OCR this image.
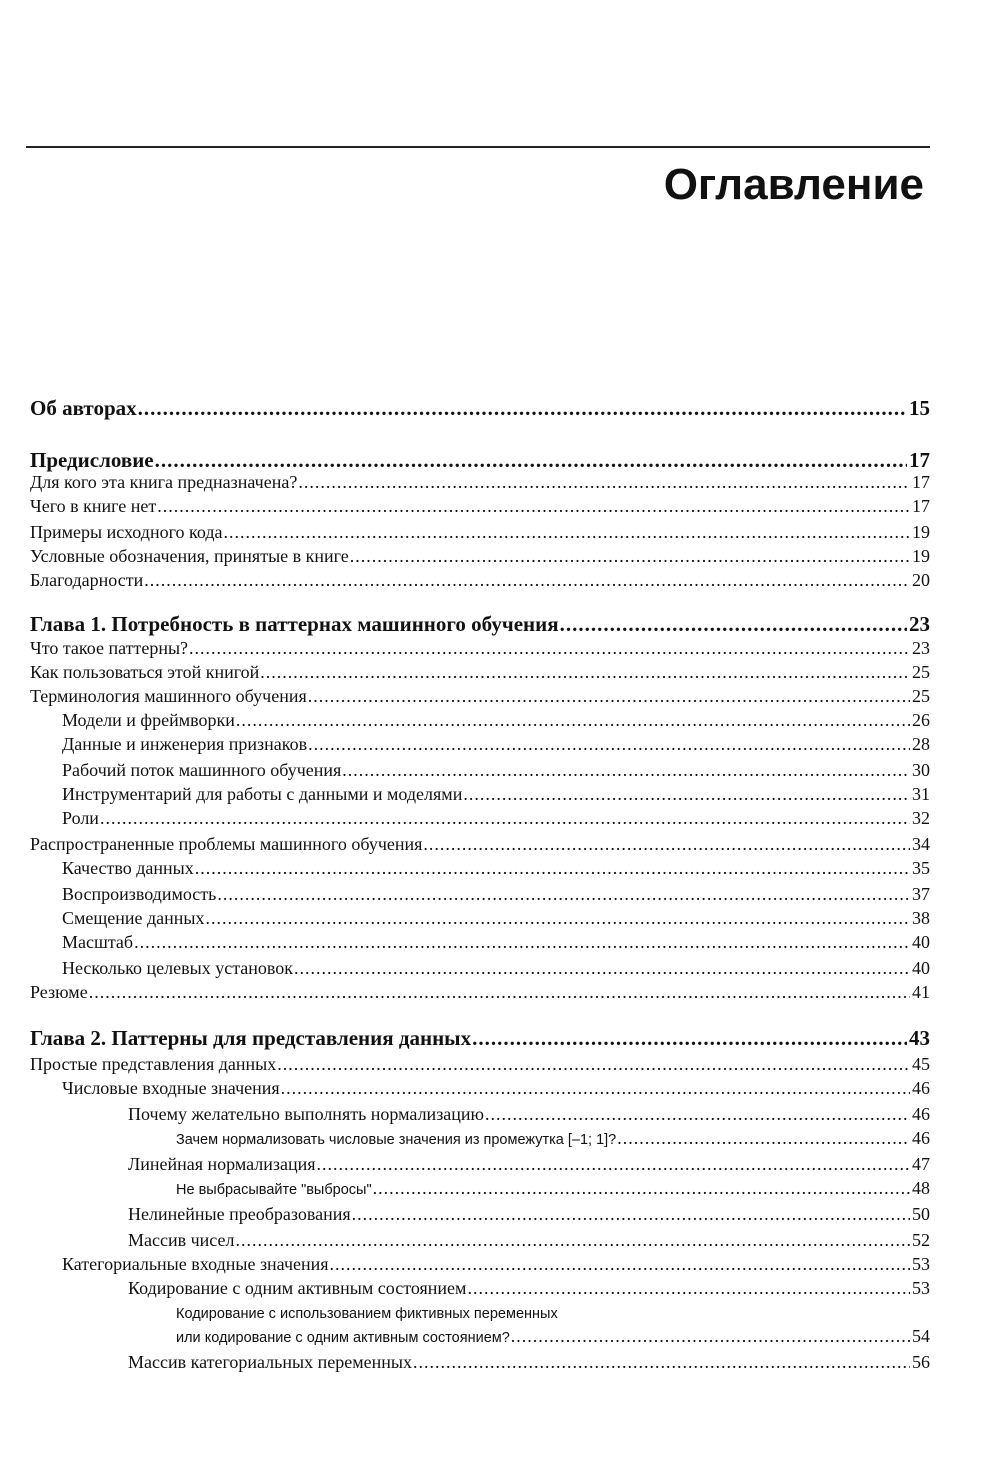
Оглавление
Об авторах .....	15
Предисловие .....	17
Для кого эта книга предназначена? .....	17
Чего в книге нет .....	17
Примеры исходного кода .....	19
Условные обозначения, принятые в книге .....	19
Благодарности .....	20
Глава 1. Потребность в паттернах машинного обучения .....	23
Что такое паттерны? .....	23
Как пользоваться этой книгой .....	25
Терминология машинного обучения .....	25
Модели и фреймворки .....	26
Данные и инженерия признаков .....	28
Рабочий поток машинного обучения .....	30
Инструментарий для работы с данными и моделями .....	31
Роли .....	32
Распространенные проблемы машинного обучения .....	34
Качество данных .....	35
Воспроизводимость .....	37
Смещение данных .....	38
Масштаб .....	40
Несколько целевых установок .....	40
Резюме .....	41
Глава 2. Паттерны для представления данных .....	43
Простые представления данных .....	45
Числовые входные значения .....	46
Почему желательно выполнять нормализацию .....	46
Зачем нормализовать числовые значения из промежутка [–1; 1]? .....	46
Линейная нормализация .....	47
Не выбрасывайте "выбросы" .....	48
Нелинейные преобразования .....	50
Массив чисел .....	52
Категориальные входные значения .....	53
Кодирование с одним активным состоянием .....	53
Кодирование с использованием фиктивных переменных
или кодирование с одним активным состоянием? .....	54
Массив категориальных переменных .....	56
